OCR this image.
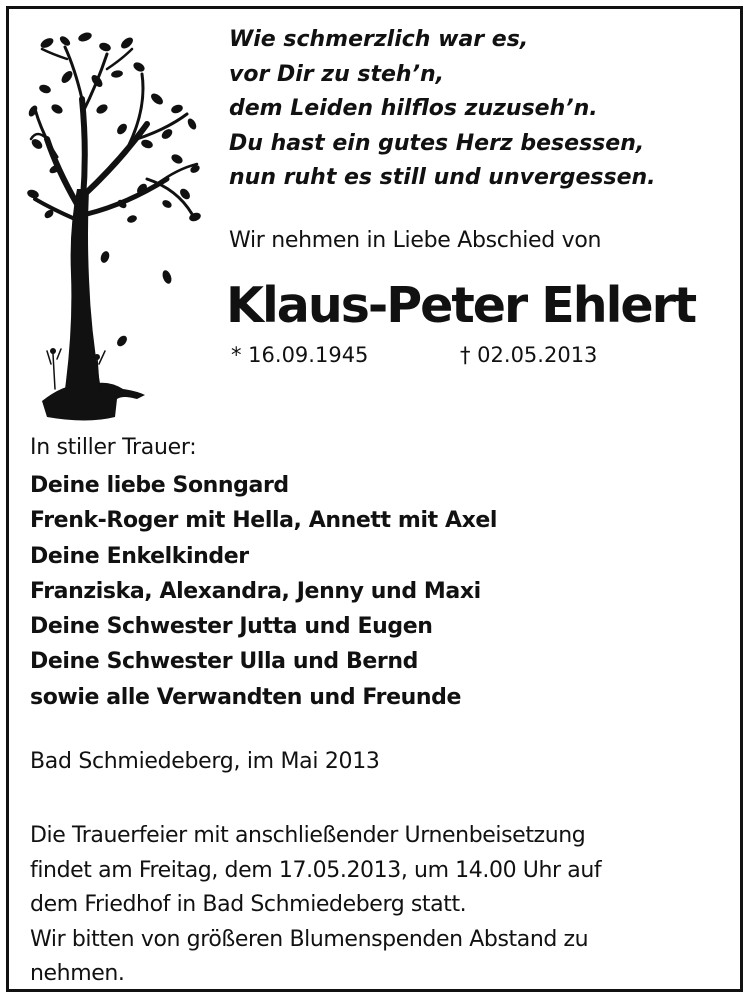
Wie schmerzlich war es,
vor Dir zu steh’n,
dem Leiden hilflos zuzuseh’n.
Du hast ein gutes Herz besessen,
nun ruht es still und unvergessen.
Wir nehmen in Liebe Abschied von
Klaus-Peter Ehlert
* 16.09.1945	† 02.05.2013
In stiller Trauer:
Deine liebe Sonngard
Frenk-Roger mit Hella, Annett mit Axel
Deine Enkelkinder
Franziska, Alexandra, Jenny und Maxi
Deine Schwester Jutta und Eugen
Deine Schwester Ulla und Bernd
sowie alle Verwandten und Freunde
Bad Schmiedeberg, im Mai 2013
Die Trauerfeier mit anschließender Urnenbeisetzung
findet am Freitag, dem 17.05.2013, um 14.00 Uhr auf
dem Friedhof in Bad Schmiedeberg statt.
Wir bitten von größeren Blumenspenden Abstand zu
nehmen.
